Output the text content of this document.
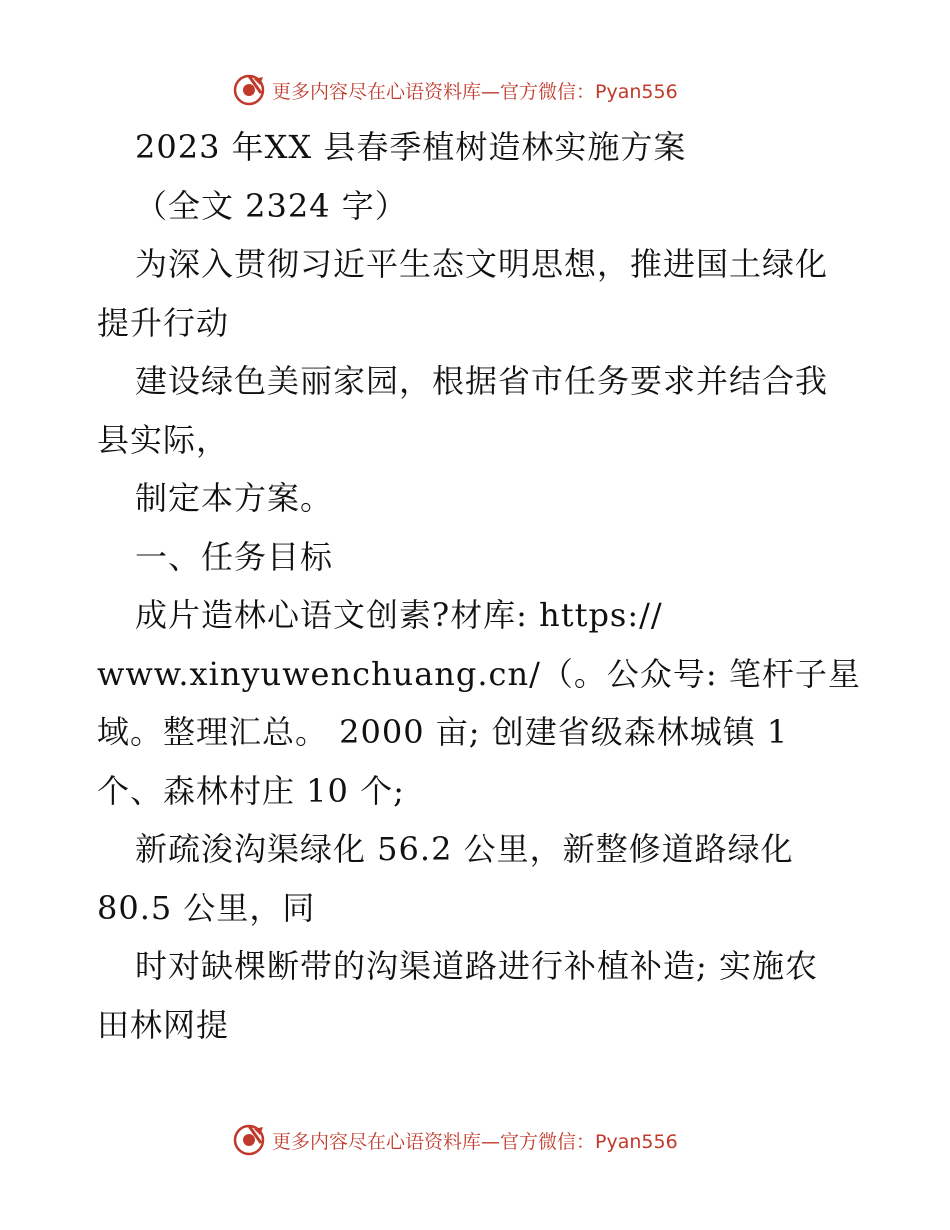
更多内容尽在心语资料库—官方微信：Pyan556
2023 年XX 县春季植树造林实施方案
（全文 2324 字）
为深入贯彻习近平生态文明思想，推进国土绿化
提升行动
建设绿色美丽家园，根据省市任务要求并结合我
县实际，
制定本方案。
一、任务目标
成片造林心语文创素?材库: https://
www.xinyuwenchuang.cn/（。公众号: 笔杆子星
域。整理汇总。 2000 亩; 创建省级森林城镇 1
个、森林村庄 10 个;
新疏浚沟渠绿化 56.2 公里，新整修道路绿化
80.5 公里，同
时对缺棵断带的沟渠道路进行补植补造; 实施农
田林网提
更多内容尽在心语资料库—官方微信：Pyan556
